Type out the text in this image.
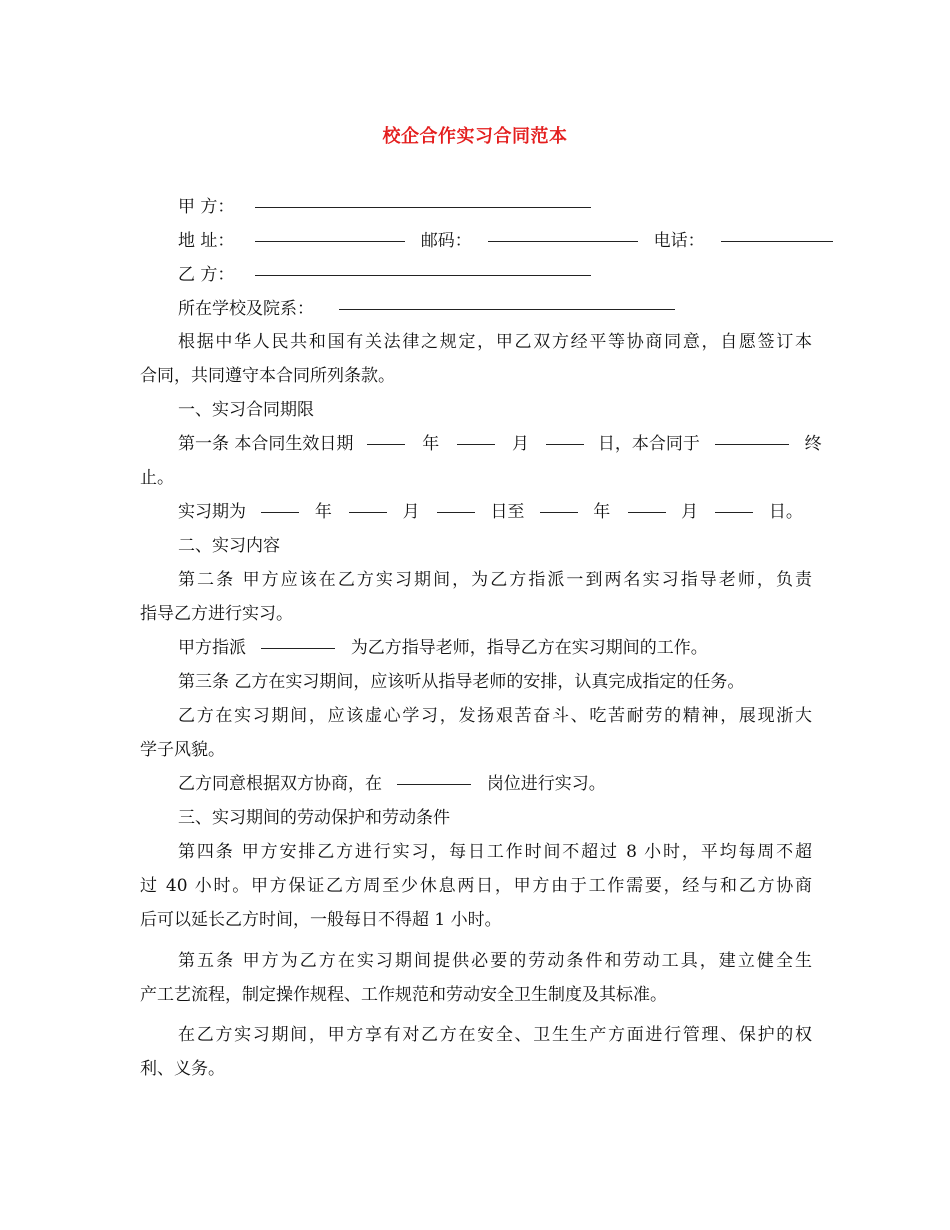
校企合作实习合同范本
甲 方：
地 址：	邮码：	电话：
乙 方：
所在学校及院系：
根据中华人民共和国有关法律之规定，甲乙双方经平等协商同意，自愿签订本
合同，共同遵守本合同所列条款。
一、实习合同期限
第一条 本合同生效日期	年	月	日，本合同于	终
止。
实习期为	年	月	日至	年	月	日。
二、实习内容
第二条 甲方应该在乙方实习期间，为乙方指派一到两名实习指导老师，负责
指导乙方进行实习。
甲方指派	为乙方指导老师，指导乙方在实习期间的工作。
第三条 乙方在实习期间，应该听从指导老师的安排，认真完成指定的任务。
乙方在实习期间，应该虚心学习，发扬艰苦奋斗、吃苦耐劳的精神，展现浙大
学子风貌。
乙方同意根据双方协商，在	岗位进行实习。
三、实习期间的劳动保护和劳动条件
第四条 甲方安排乙方进行实习，每日工作时间不超过 8 小时，平均每周不超
过 40 小时。甲方保证乙方周至少休息两日，甲方由于工作需要，经与和乙方协商
后可以延长乙方时间，一般每日不得超 1 小时。
第五条 甲方为乙方在实习期间提供必要的劳动条件和劳动工具，建立健全生
产工艺流程，制定操作规程、工作规范和劳动安全卫生制度及其标准。
在乙方实习期间，甲方享有对乙方在安全、卫生生产方面进行管理、保护的权
利、义务。
